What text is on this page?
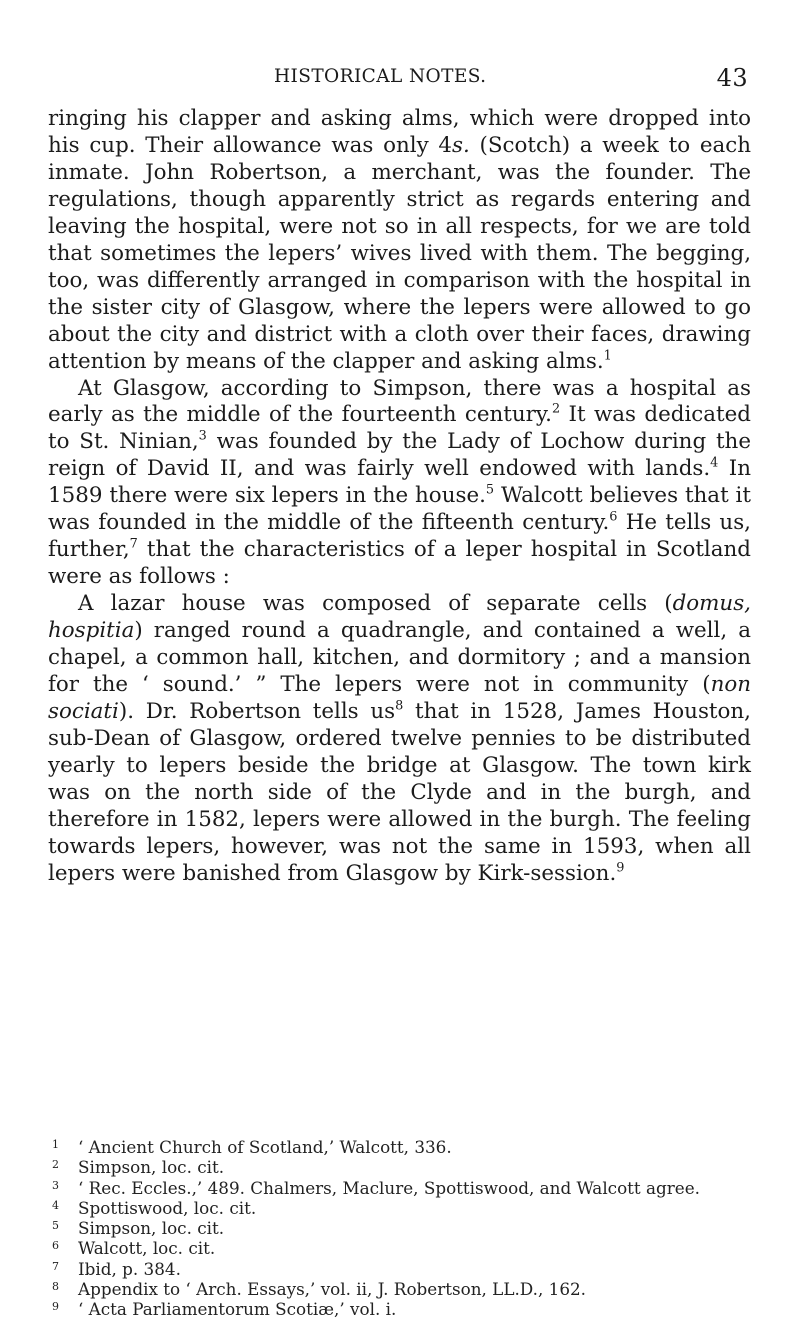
HISTORICAL NOTES.	43

ringing his clapper and asking alms, which were dropped into his cup. Their allowance was only 4s. (Scotch) a week to each inmate. John Robertson, a merchant, was the founder. The regulations, though apparently strict as regards entering and leaving the hospital, were not so in all respects, for we are told that sometimes the lepers’ wives lived with them. The begging, too, was differently arranged in comparison with the hospital in the sister city of Glasgow, where the lepers were allowed to go about the city and district with a cloth over their faces, drawing attention by means of the clapper and asking alms.$^1$

At Glasgow, according to Simpson, there was a hospital as early as the middle of the fourteenth century.$^2$ It was dedicated to St. Ninian,$^3$ was founded by the Lady of Lochow during the reign of David II, and was fairly well endowed with lands.$^4$ In 1589 there were six lepers in the house.$^5$ Walcott believes that it was founded in the middle of the fifteenth century.$^6$ He tells us, further,$^7$ that the characteristics of a leper hospital in Scotland were as follows :

A lazar house was composed of separate cells (domus, hospitia) ranged round a quadrangle, and contained a well, a chapel, a common hall, kitchen, and dormitory ; and a mansion for the ‘ sound.’ ” The lepers were not in community (non sociati). Dr. Robertson tells us$^8$ that in 1528, James Houston, sub-Dean of Glasgow, ordered twelve pennies to be distributed yearly to lepers beside the bridge at Glasgow. The town kirk was on the north side of the Clyde and in the burgh, and therefore in 1582, lepers were allowed in the burgh. The feeling towards lepers, however, was not the same in 1593, when all lepers were banished from Glasgow by Kirk-session.$^9$

1 ‘ Ancient Church of Scotland,’ Walcott, 336.
2 Simpson, loc. cit.
3 ‘ Rec. Eccles.,’ 489. Chalmers, Maclure, Spottiswood, and Walcott agree.
4 Spottiswood, loc. cit.
5 Simpson, loc. cit.
6 Walcott, loc. cit.
7 Ibid, p. 384.
8 Appendix to ‘ Arch. Essays,’ vol. ii, J. Robertson, LL.D., 162.
9 ‘ Acta Parliamentorum Scotiæ,’ vol. i.
